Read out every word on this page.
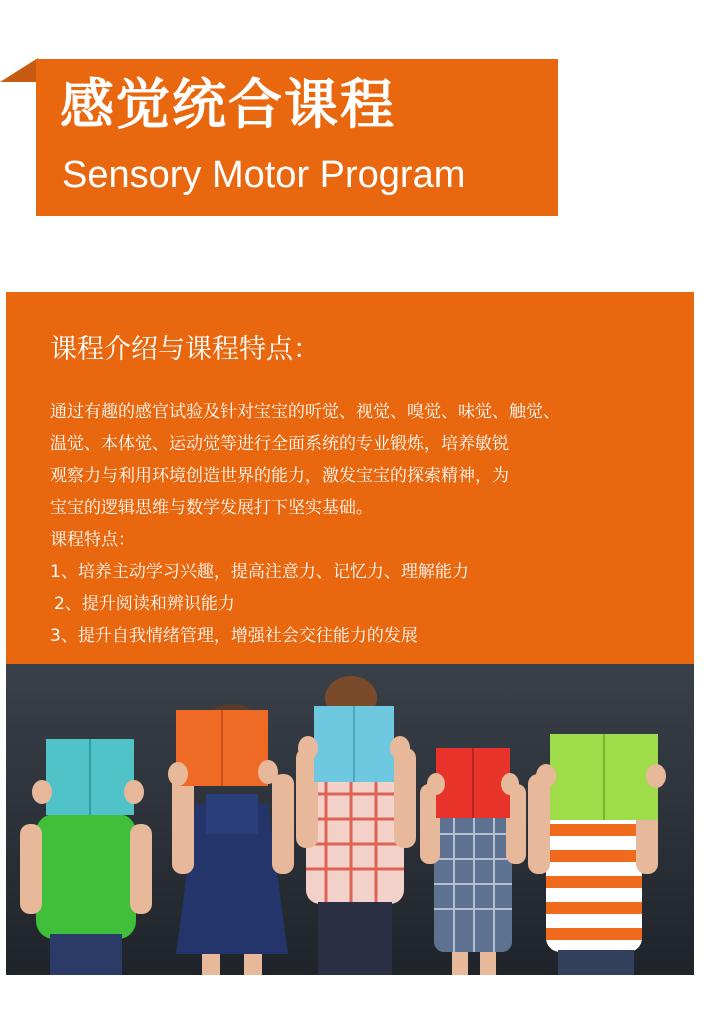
感觉统合课程
Sensory Motor Program
课程介绍与课程特点：
通过有趣的感官试验及针对宝宝的听觉、视觉、嗅觉、味觉、触觉、
温觉、本体觉、运动觉等进行全面系统的专业锻炼，培养敏锐
观察力与利用环境创造世界的能力，激发宝宝的探索精神，为
宝宝的逻辑思维与数学发展打下坚实基础。
课程特点：
1、培养主动学习兴趣，提高注意力、记忆力、理解能力
2、提升阅读和辨识能力
3、提升自我情绪管理，增强社会交往能力的发展
